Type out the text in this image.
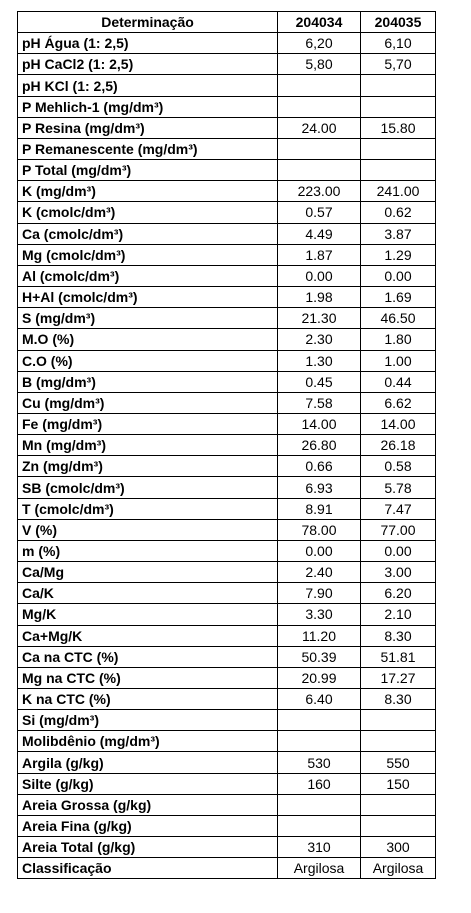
Determinação	204034	204035
pH Água (1: 2,5)	6,20	6,10
pH CaCl2 (1: 2,5)	5,80	5,70
pH KCl (1: 2,5)		
P Mehlich-1 (mg/dm³)		
P Resina (mg/dm³)	24.00	15.80
P Remanescente (mg/dm³)		
P Total (mg/dm³)		
K (mg/dm³)	223.00	241.00
K (cmolc/dm³)	0.57	0.62
Ca (cmolc/dm³)	4.49	3.87
Mg (cmolc/dm³)	1.87	1.29
Al (cmolc/dm³)	0.00	0.00
H+Al (cmolc/dm³)	1.98	1.69
S (mg/dm³)	21.30	46.50
M.O (%)	2.30	1.80
C.O (%)	1.30	1.00
B (mg/dm³)	0.45	0.44
Cu (mg/dm³)	7.58	6.62
Fe (mg/dm³)	14.00	14.00
Mn (mg/dm³)	26.80	26.18
Zn (mg/dm³)	0.66	0.58
SB (cmolc/dm³)	6.93	5.78
T (cmolc/dm³)	8.91	7.47
V (%)	78.00	77.00
m (%)	0.00	0.00
Ca/Mg	2.40	3.00
Ca/K	7.90	6.20
Mg/K	3.30	2.10
Ca+Mg/K	11.20	8.30
Ca na CTC (%)	50.39	51.81
Mg na CTC (%)	20.99	17.27
K na CTC (%)	6.40	8.30
Si (mg/dm³)		
Molibdênio (mg/dm³)		
Argila (g/kg)	530	550
Silte (g/kg)	160	150
Areia Grossa (g/kg)		
Areia Fina (g/kg)		
Areia Total (g/kg)	310	300
Classificação	Argilosa	Argilosa
